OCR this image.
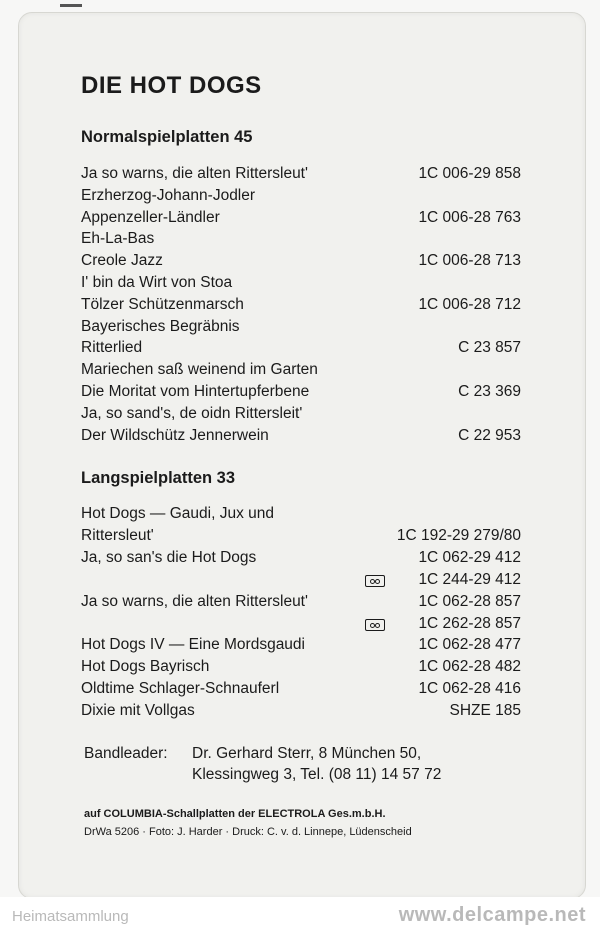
DIE HOT DOGS
Normalspielplatten 45
Ja so warns, die alten Rittersleut'	1C 006-29 858
Erzherzog-Johann-Jodler
Appenzeller-Ländler	1C 006-28 763
Eh-La-Bas
Creole Jazz	1C 006-28 713
I' bin da Wirt von Stoa
Tölzer Schützenmarsch	1C 006-28 712
Bayerisches Begräbnis
Ritterlied	C 23 857
Mariechen saß weinend im Garten
Die Moritat vom Hintertupferbene	C 23 369
Ja, so sand's, de oidn Rittersleit'
Der Wildschütz Jennerwein	C 22 953
Langspielplatten 33
Hot Dogs — Gaudi, Jux und
Rittersleut'	1C 192-29 279/80
Ja, so san's die Hot Dogs	1C 062-29 412
1C 244-29 412
Ja so warns, die alten Rittersleut'	1C 062-28 857
1C 262-28 857
Hot Dogs IV — Eine Mordsgaudi	1C 062-28 477
Hot Dogs Bayrisch	1C 062-28 482
Oldtime Schlager-Schnauferl	1C 062-28 416
Dixie mit Vollgas	SHZE 185
Bandleader: Dr. Gerhard Sterr, 8 München 50,
Klessingweg 3, Tel. (08 11) 14 57 72
auf COLUMBIA-Schallplatten der ELECTROLA Ges.m.b.H.
DrWa 5206 · Foto: J. Harder · Druck: C. v. d. Linnepe, Lüdenscheid
Heimatsammlung	www.delcampe.net
